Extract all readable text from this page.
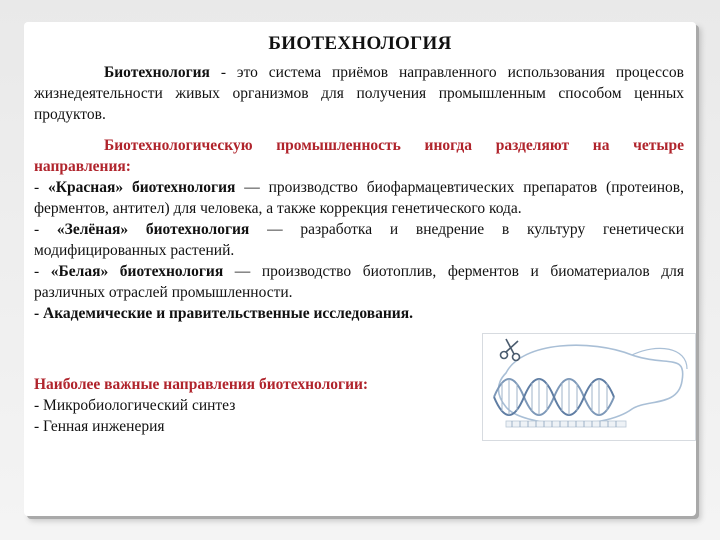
БИОТЕХНОЛОГИЯ
Биотехнология - это система приёмов направленного использования процессов жизнедеятельности живых организмов для получения промышленным способом ценных продуктов.
Биотехнологическую промышленность иногда разделяют на четыре направления:
- «Красная» биотехнология — производство биофармацевтических препаратов (протеинов, ферментов, антител) для человека, а также коррекция генетического кода.
- «Зелёная» биотехнология — разработка и внедрение в культуру генетически модифицированных растений.
- «Белая» биотехнология — производство биотоплив, ферментов и биоматериалов для различных отраслей промышленности.
- Академические и правительственные исследования.
Наиболее важные направления биотехнологии:
- Микробиологический синтез
- Генная инженерия
